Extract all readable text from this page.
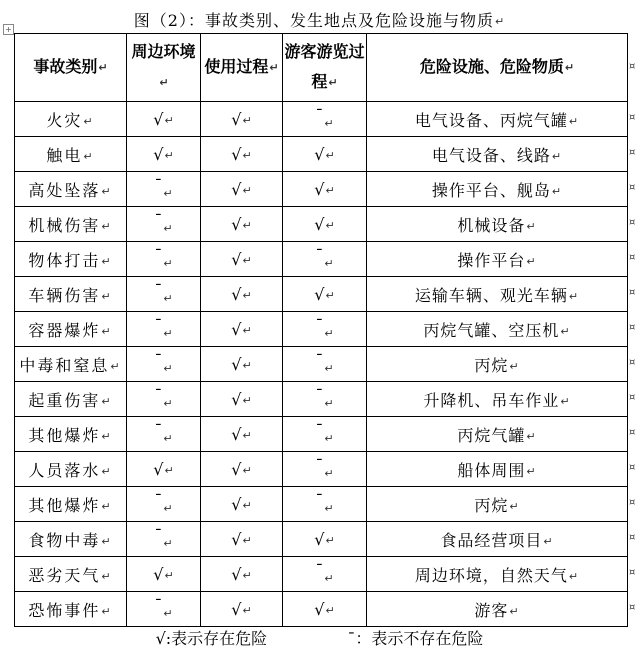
图（2）：事故类别、发生地点及危险设施与物质↵
+
事故类别↵	周边环境↵	使用过程↵	游客游览过程↵	危险设施、危险物质↵
火灾↵	√↵	√↵	¯↵	电气设备、丙烷气罐↵
触电↵	√↵	√↵	√↵	电气设备、线路↵
高处坠落↵	¯↵	√↵	√↵	操作平台、舰岛↵
机械伤害↵	¯↵	√↵	√↵	机械设备↵
物体打击↵	¯↵	√↵	¯↵	操作平台↵
车辆伤害↵	¯↵	√↵	√↵	运输车辆、观光车辆↵
容器爆炸↵	¯↵	√↵	¯↵	丙烷气罐、空压机↵
中毒和窒息↵	¯↵	√↵	¯↵	丙烷↵
起重伤害↵	¯↵	√↵	¯↵	升降机、吊车作业↵
其他爆炸↵	¯↵	√↵	¯↵	丙烷气罐↵
人员落水↵	√↵	√↵	¯↵	船体周围↵
其他爆炸↵	¯↵	√↵	¯↵	丙烷↵
食物中毒↵	¯↵	√↵	√↵	食品经营项目↵
恶劣天气↵	√↵	√↵	¯↵	周边环境，自然天气↵
恐怖事件↵	¯↵	√↵	√↵	游客↵
¤
¤
¤
¤
¤
¤
¤
¤
¤
¤
¤
¤
¤
¤
¤
¤
√:表示存在危险	¯：表示不存在危险
